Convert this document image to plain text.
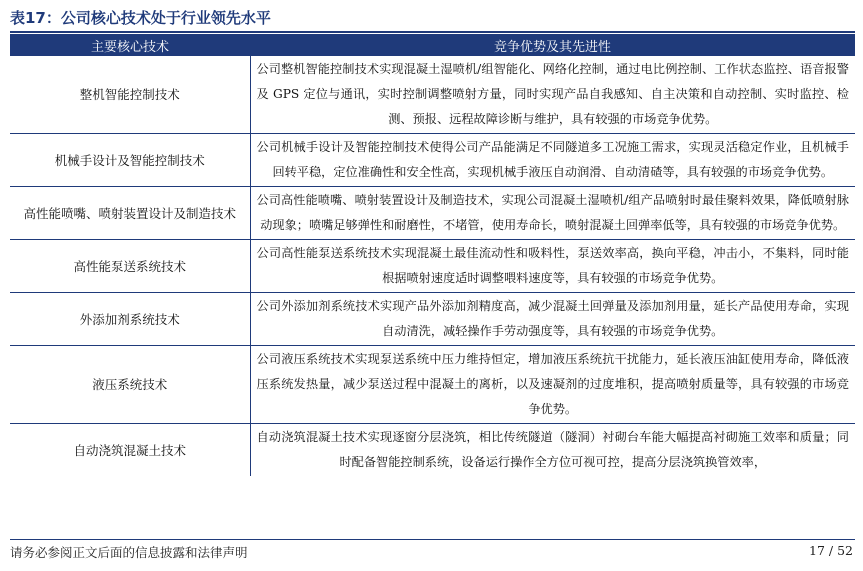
表17：公司核心技术处于行业领先水平
主要核心技术	竞争优势及其先进性
整机智能控制技术	公司整机智能控制技术实现混凝土湿喷机/组智能化、网络化控制，通过电比例控制、工作状态监控、语音报警及 GPS 定位与通讯，实时控制调整喷射方量，同时实现产品自我感知、自主决策和自动控制、实时监控、检测、预报、远程故障诊断与维护，具有较强的市场竞争优势。
机械手设计及智能控制技术	公司机械手设计及智能控制技术使得公司产品能满足不同隧道多工况施工需求，实现灵活稳定作业，且机械手回转平稳，定位准确性和安全性高，实现机械手液压自动润滑、自动清碴等，具有较强的市场竞争优势。
高性能喷嘴、喷射装置设计及制造技术	公司高性能喷嘴、喷射装置设计及制造技术，实现公司混凝土湿喷机/组产品喷射时最佳聚料效果，降低喷射脉动现象；喷嘴足够弹性和耐磨性，不堵管，使用寿命长，喷射混凝土回弹率低等，具有较强的市场竞争优势。
高性能泵送系统技术	公司高性能泵送系统技术实现混凝土最佳流动性和吸料性，泵送效率高，换向平稳，冲击小，不集料，同时能根据喷射速度适时调整喂料速度等，具有较强的市场竞争优势。
外添加剂系统技术	公司外添加剂系统技术实现产品外添加剂精度高，减少混凝土回弹量及添加剂用量，延长产品使用寿命，实现自动清洗，减轻操作手劳动强度等，具有较强的市场竞争优势。
液压系统技术	公司液压系统技术实现泵送系统中压力维持恒定，增加液压系统抗干扰能力，延长液压油缸使用寿命，降低液压系统发热量，减少泵送过程中混凝土的离析，以及速凝剂的过度堆积，提高喷射质量等，具有较强的市场竞争优势。
自动浇筑混凝土技术	自动浇筑混凝土技术实现逐窗分层浇筑，相比传统隧道（隧洞）衬砌台车能大幅提高衬砌施工效率和质量；同时配备智能控制系统，设备运行操作全方位可视可控，提高分层浇筑换管效率，
请务必参阅正文后面的信息披露和法律声明	17 / 52
